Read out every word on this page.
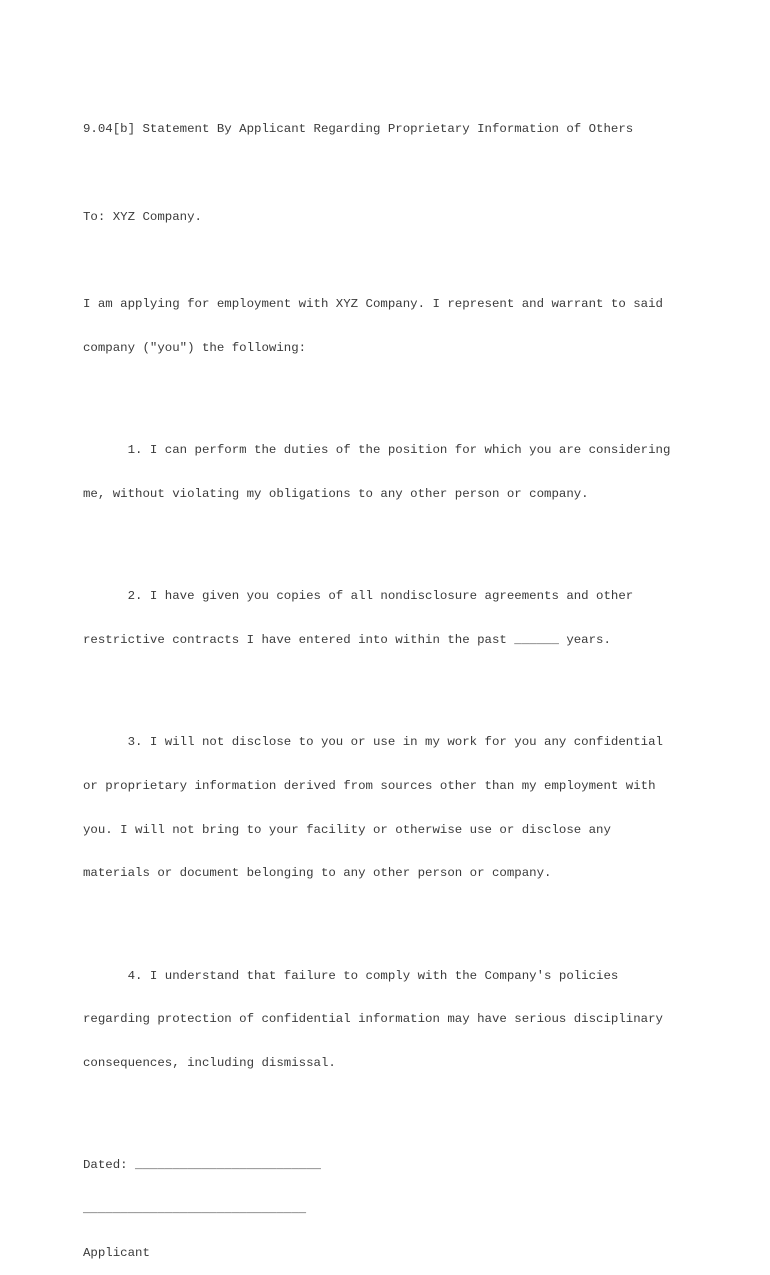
9.04[b] Statement By Applicant Regarding Proprietary Information of Others

To: XYZ Company.

I am applying for employment with XYZ Company. I represent and warrant to said

company ("you") the following:

1. I can perform the duties of the position for which you are considering

me, without violating my obligations to any other person or company.

2. I have given you copies of all nondisclosure agreements and other

restrictive contracts I have entered into within the past ______ years.

3. I will not disclose to you or use in my work for you any confidential

or proprietary information derived from sources other than my employment with

you. I will not bring to your facility or otherwise use or disclose any

materials or document belonging to any other person or company.

4. I understand that failure to comply with the Company's policies

regarding protection of confidential information may have serious disciplinary

consequences, including dismissal.

Dated: _________________________

______________________________

Applicant
